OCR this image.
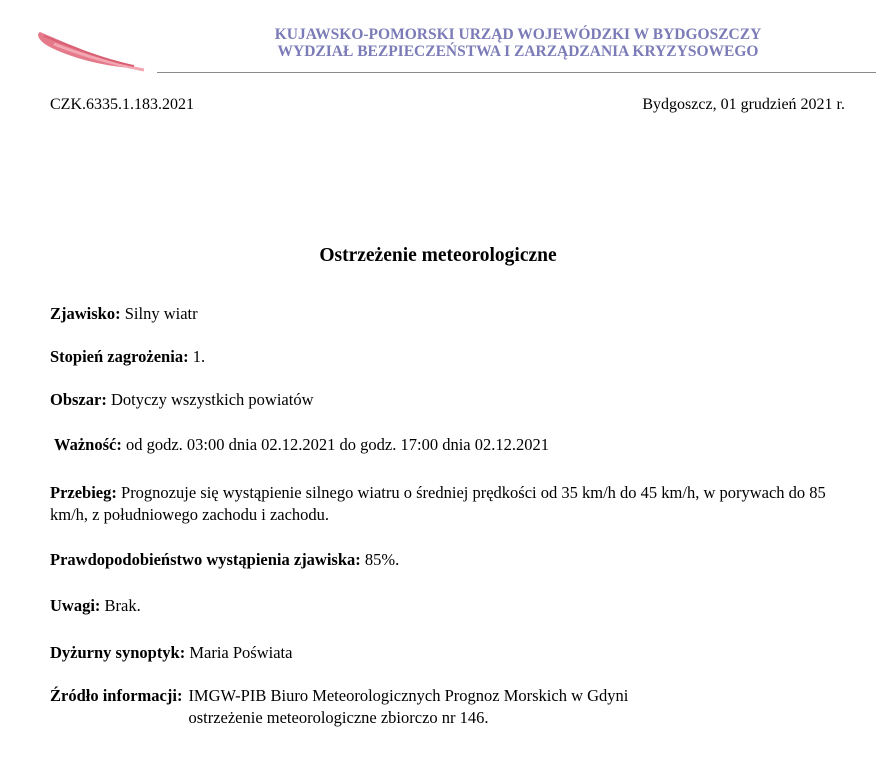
KUJAWSKO-POMORSKI URZĄD WOJEWÓDZKI W BYDGOSZCZY
WYDZIAŁ BEZPIECZEŃSTWA I ZARZĄDZANIA KRYZYSOWEGO
CZK.6335.1.183.2021	Bydgoszcz, 01 grudzień 2021 r.
Ostrzeżenie meteorologiczne
Zjawisko: Silny wiatr
Stopień zagrożenia: 1.
Obszar: Dotyczy wszystkich powiatów
Ważność: od godz. 03:00 dnia 02.12.2021 do godz. 17:00 dnia 02.12.2021
Przebieg: Prognozuje się wystąpienie silnego wiatru o średniej prędkości od 35 km/h do 45 km/h, w porywach do 85 km/h, z południowego zachodu i zachodu.
Prawdopodobieństwo wystąpienia zjawiska: 85%.
Uwagi: Brak.
Dyżurny synoptyk: Maria Poświata
Źródło informacji: IMGW-PIB Biuro Meteorologicznych Prognoz Morskich w Gdyni
ostrzeżenie meteorologiczne zbiorczo nr 146.
